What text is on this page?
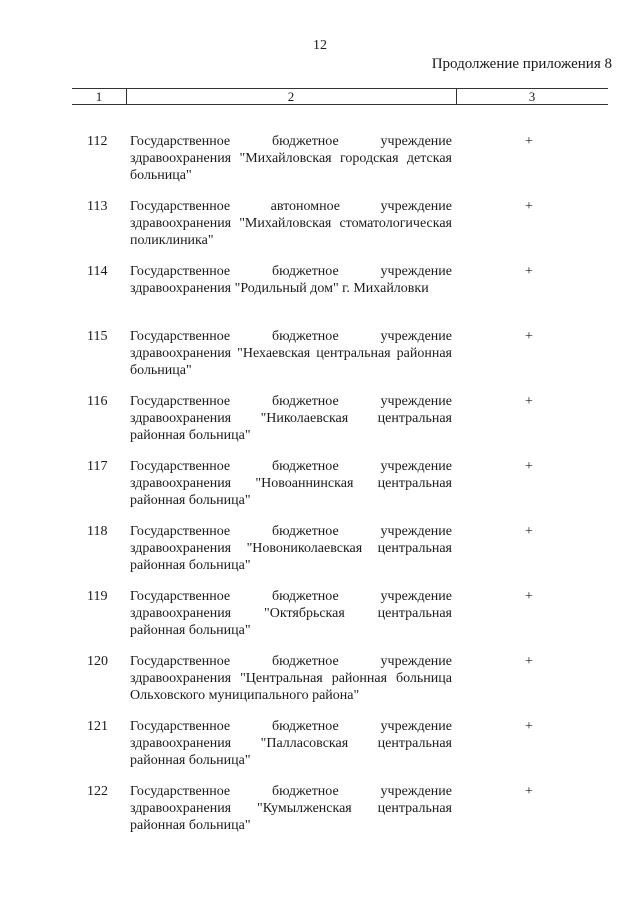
12
Продолжение приложения 8
1	2	3
112 Государственное бюджетное учреждение здравоохранения "Михайловская городская детская больница"
+
113 Государственное автономное учреждение здравоохранения "Михайловская стоматологическая поликлиника"
+
114 Государственное бюджетное учреждение здравоохранения "Родильный дом" г. Михайловки
+
115 Государственное бюджетное учреждение здравоохранения "Нехаевская центральная районная больница"
+
116 Государственное бюджетное учреждение здравоохранения "Николаевская центральная районная больница"
+
117 Государственное бюджетное учреждение здравоохранения "Новоаннинская центральная районная больница"
+
118 Государственное бюджетное учреждение здравоохранения "Новониколаевская центральная районная больница"
+
119 Государственное бюджетное учреждение здравоохранения "Октябрьская центральная районная больница"
+
120 Государственное бюджетное учреждение здравоохранения "Центральная районная больница Ольховского муниципального района"
+
121 Государственное бюджетное учреждение здравоохранения "Палласовская центральная районная больница"
+
122 Государственное бюджетное учреждение здравоохранения "Кумылженская центральная районная больница"
+
